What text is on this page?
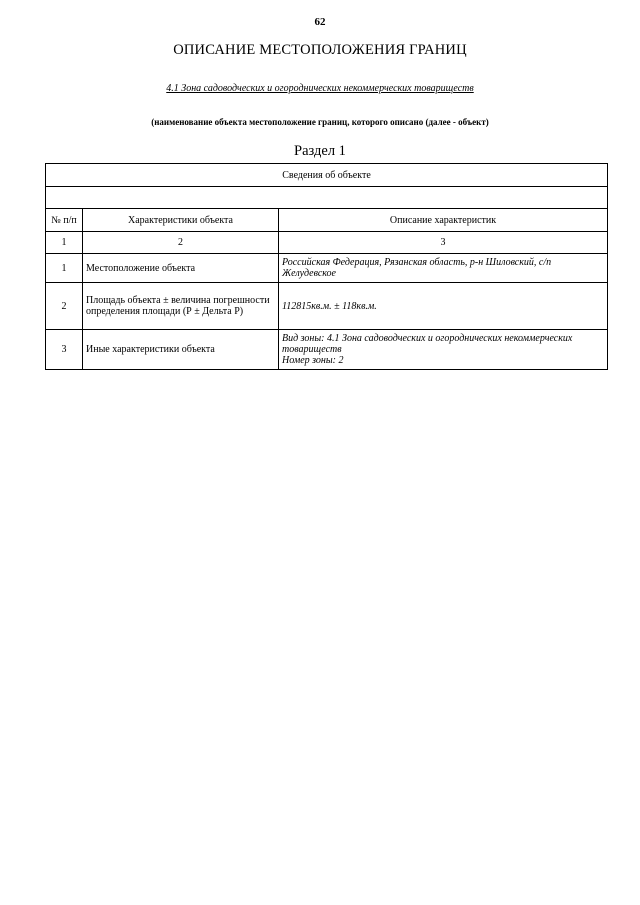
62
ОПИСАНИЕ МЕСТОПОЛОЖЕНИЯ ГРАНИЦ
4.1 Зона садоводческих и огороднических некоммерческих товариществ
(наименование объекта местоположение границ, которого описано (далее - объект)
Раздел 1
Сведения об объекте		

№ п/п	Характеристики объекта	Описание характеристик
1	2	3
1	Местоположение объекта	Российская Федерация, Рязанская область, р-н Шиловский, с/п Желудевское

2	Площадь объекта ± величина погрешности определения площади (Р ± Дельта Р)	112815кв.м. ± 118кв.м.

3	Иные характеристики объекта	Вид зоны: 4.1 Зона садоводческих и огороднических некоммерческих товариществ
Номер зоны: 2
